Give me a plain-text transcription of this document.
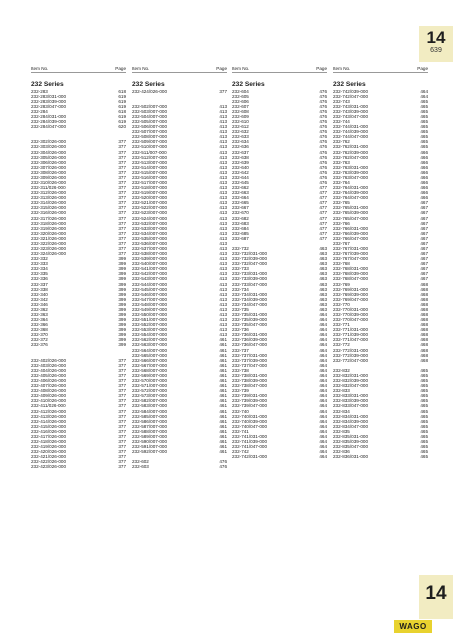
14
639
Item No.	Page
232 Series
232-283	618
232-283/031-000	619
232-283/039-000	619
232-283/047-000	619
232-284	618
232-284/031-000	619
232-284/039-000	619
232-284/047-000	620
232-302/026-000	377
232-303/026-000	377
232-304/026-000	377
232-305/026-000	377
232-306/026-000	377
232-307/026-000	377
232-308/026-000	377
232-309/026-000	377
232-310/026-000	377
232-311/026-000	377
232-312/026-000	377
232-313/026-000	377
232-314/026-000	377
232-315/026-000	377
232-316/026-000	377
232-317/026-000	377
232-318/026-000	377
232-319/026-000	377
232-320/026-000	377
232-321/026-000	377
232-322/026-000	377
232-323/026-000	377
232-324/026-000	377
232-332	399
232-333	399
232-334	399
232-335	399
232-336	399
232-337	399
232-338	399
232-340	399
232-342	399
232-346	399
232-362	399
232-363	399
232-364	399
232-366	399
232-368	399
232-370	399
232-372	399
232-376	399
232-402/026-000	377
232-403/026-000	377
232-404/026-000	377
232-405/026-000	377
232-406/026-000	377
232-407/026-000	377
232-408/026-000	377
232-409/026-000	377
232-410/026-000	377
232-411/026-000	377
232-412/026-000	377
232-413/026-000	377
232-414/026-000	377
232-415/026-000	377
232-416/026-000	377
232-417/026-000	377
232-418/026-000	377
232-419/026-000	377
232-420/026-000	377
232-421/026-000	377
232-422/026-000	377
232-423/026-000	377
Item No.	Page
232 Series
232-424/026-000	377
232-502/007-000	413
232-503/007-000	413
232-504/007-000	413
232-505/007-000	413
232-506/007-000	413
232-507/007-000	413
232-508/007-000	413
232-509/007-000	413
232-510/007-000	413
232-511/007-000	413
232-512/007-000	413
232-513/007-000	413
232-514/007-000	413
232-515/007-000	413
232-516/007-000	413
232-517/007-000	413
232-518/007-000	413
232-519/007-000	413
232-520/007-000	413
232-521/007-000	413
232-522/007-000	413
232-523/007-000	413
232-524/007-000	413
232-532/007-000	413
232-533/007-000	413
232-534/007-000	413
232-535/007-000	413
232-536/007-000	413
232-537/007-000	413
232-538/007-000	413
232-539/007-000	413
232-540/007-000	413
232-541/007-000	413
232-542/007-000	413
232-543/007-000	413
232-544/007-000	413
232-545/007-000	413
232-546/007-000	413
232-547/007-000	413
232-548/007-000	413
232-549/007-000	413
232-550/007-000	413
232-551/007-000	413
232-552/007-000	413
232-553/007-000	413
232-554/007-000	413
232-562/007-000	461
232-563/007-000	461
232-564/007-000	461
232-565/007-000	461
232-566/007-000	461
232-567/007-000	461
232-568/007-000	461
232-569/007-000	461
232-570/007-000	461
232-571/007-000	461
232-572/007-000	461
232-573/007-000	461
232-582/007-000	461
232-583/007-000	461
232-584/007-000	461
232-585/007-000	461
232-586/007-000	461
232-587/007-000	461
232-588/007-000	461
232-589/007-000	461
232-590/007-000	461
232-591/007-000	461
232-592/007-000	461
232-602	476
232-603	476
Item No.	Page
232 Series
232-604	476
232-605	476
232-606	476
232-607	476
232-608	476
232-609	476
232-610	476
232-612	476
232-632	476
232-633	476
232-634	476
232-636	476
232-637	476
232-638	476
232-639	476
232-640	476
232-642	476
232-644	476
232-645	476
232-662	477
232-663	477
232-664	477
232-665	477
232-667	477
232-670	477
232-682	477
232-683	477
232-684	477
232-685	477
232-687	477
232-732	463
232-732/031-000	463
232-732/039-000	463
232-732/047-000	463
232-733	463
232-733/031-000	463
232-733/039-000	463
232-733/047-000	463
232-734	463
232-734/031-000	463
232-734/039-000	463
232-734/047-000	463
232-735	463
232-735/031-000	464
232-735/039-000	464
232-735/047-000	464
232-736	464
232-736/031-000	464
232-736/039-000	464
232-736/047-000	464
232-737	464
232-737/031-000	464
232-737/039-000	464
232-737/047-000	464
232-738	464
232-738/031-000	464
232-738/039-000	464
232-738/047-000	464
232-739	464
232-739/031-000	464
232-739/039-000	464
232-739/047-000	464
232-740	464
232-740/031-000	464
232-740/039-000	464
232-740/047-000	464
232-741	464
232-741/031-000	464
232-741/039-000	464
232-741/047-000	464
232-742	464
232-742/031-000	464
Item No.	Page
232 Series
232-742/039-000	464
232-742/047-000	464
232-743	465
232-743/031-000	465
232-743/039-000	465
232-743/047-000	465
232-744	465
232-744/031-000	465
232-744/039-000	465
232-744/047-000	465
232-762	465
232-762/031-000	465
232-762/039-000	466
232-762/047-000	466
232-763	466
232-763/031-000	466
232-763/039-000	466
232-763/047-000	466
232-764	466
232-764/031-000	466
232-764/039-000	466
232-764/047-000	466
232-765	467
232-765/031-000	467
232-765/039-000	467
232-765/047-000	467
232-766	467
232-766/031-000	467
232-766/039-000	467
232-766/047-000	467
232-767	467
232-767/031-000	467
232-767/039-000	467
232-767/047-000	467
232-768	467
232-768/031-000	467
232-768/039-000	467
232-768/047-000	467
232-769	468
232-769/031-000	468
232-769/039-000	468
232-769/047-000	468
232-770	468
232-770/031-000	468
232-770/039-000	468
232-770/047-000	468
232-771	468
232-771/031-000	468
232-771/039-000	468
232-771/047-000	468
232-772	468
232-772/031-000	468
232-772/039-000	468
232-772/047-000	468
232-832	465
232-832/031-000	465
232-832/039-000	465
232-832/047-000	465
232-833	465
232-833/031-000	465
232-833/039-000	465
232-833/047-000	465
232-834	465
232-834/031-000	465
232-834/039-000	465
232-834/047-000	465
232-835	465
232-835/031-000	465
232-835/039-000	465
232-835/047-000	465
232-836	465
232-836/031-000	465
14
WAGO
